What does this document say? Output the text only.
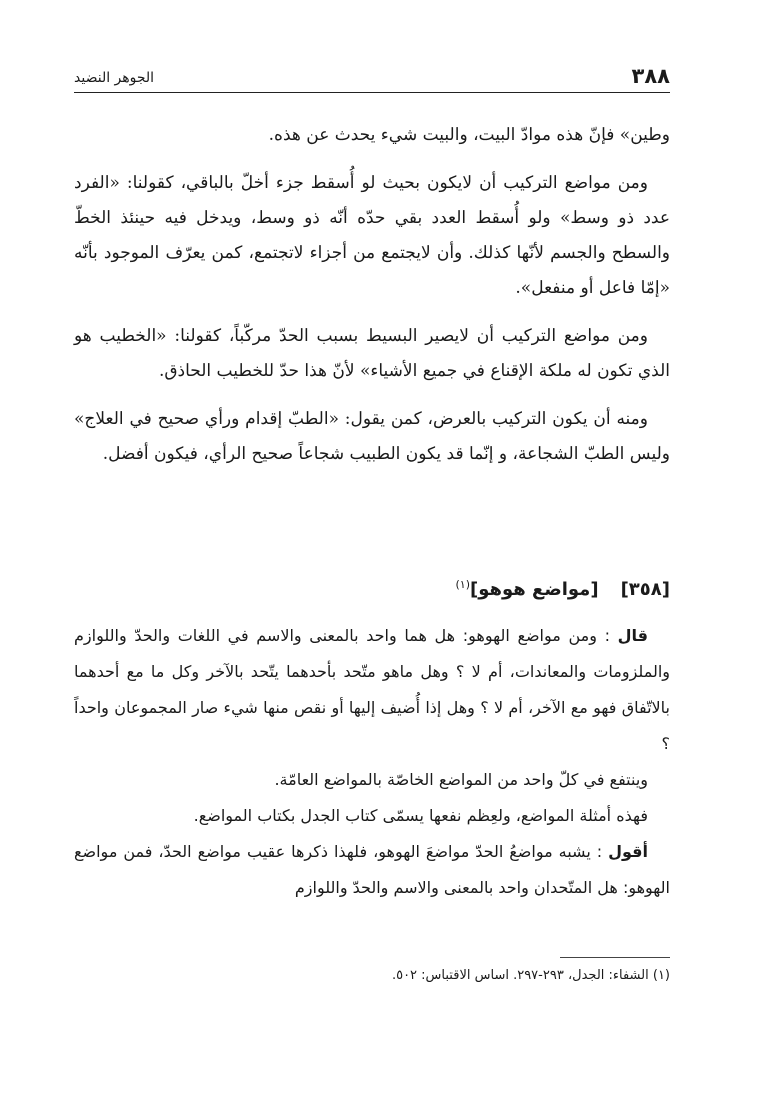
٣٨٨
الجوهر النضيد

وطين» فإنّ هذه موادّ البيت، والبيت شيء يحدث عن هذه.

ومن مواضع التركيب أن لايكون بحيث لو أُسقط جزء أخلّ بالباقي، كقولنا: «الفرد عدد ذو وسط» ولو أُسقط العدد بقي حدّه أنّه ذو وسط، ويدخل فيه حينئذ الخطّ والسطح والجسم لأنّها كذلك. وأن لايجتمع من أجزاء لاتجتمع، كمن يعرّف الموجود بأنّه «إمّا فاعل أو منفعل».

ومن مواضع التركيب أن لايصير البسيط بسبب الحدّ مركّباً، كقولنا: «الخطيب هو الذي تكون له ملكة الإقناع في جميع الأشياء» لأنّ هذا حدّ للخطيب الحاذق.

ومنه أن يكون التركيب بالعرض، كمن يقول: «الطبّ إقدام ورأي صحيح في العلاج» وليس الطبّ الشجاعة، و إنّما قد يكون الطبيب شجاعاً صحيح الرأي، فيكون أفضل.

[٣٥٨]
[مواضع هوهو]$^{(١)}$

قال : ومن مواضع الهوهو: هل هما واحد بالمعنى والاسم في اللغات والحدّ واللوازم والملزومات والمعاندات، أم لا ؟ وهل ماهو متّحد بأحدهما يتّحد بالآخر وكل ما مع أحدهما بالاتّفاق فهو مع الآخر، أم لا ؟ وهل إذا أُضيف إليها أو نقص منها شيء صار المجموعان واحداً ؟

وينتفع في كلّ واحد من المواضع الخاصّة بالمواضع العامّة.

فهذه أمثلة المواضع، ولعِظم نفعها يسمّى كتاب الجدل بكتاب المواضع.

أقول : يشبه مواضعُ الحدّ مواضعَ الهوهو، فلهذا ذكرها عقيب مواضع الحدّ، فمن مواضع الهوهو: هل المتّحدان واحد بالمعنى والاسم والحدّ واللوازم

(١) الشفاء: الجدل، ٢٩٣-٢٩٧. اساس الاقتباس: ٥٠٢.
